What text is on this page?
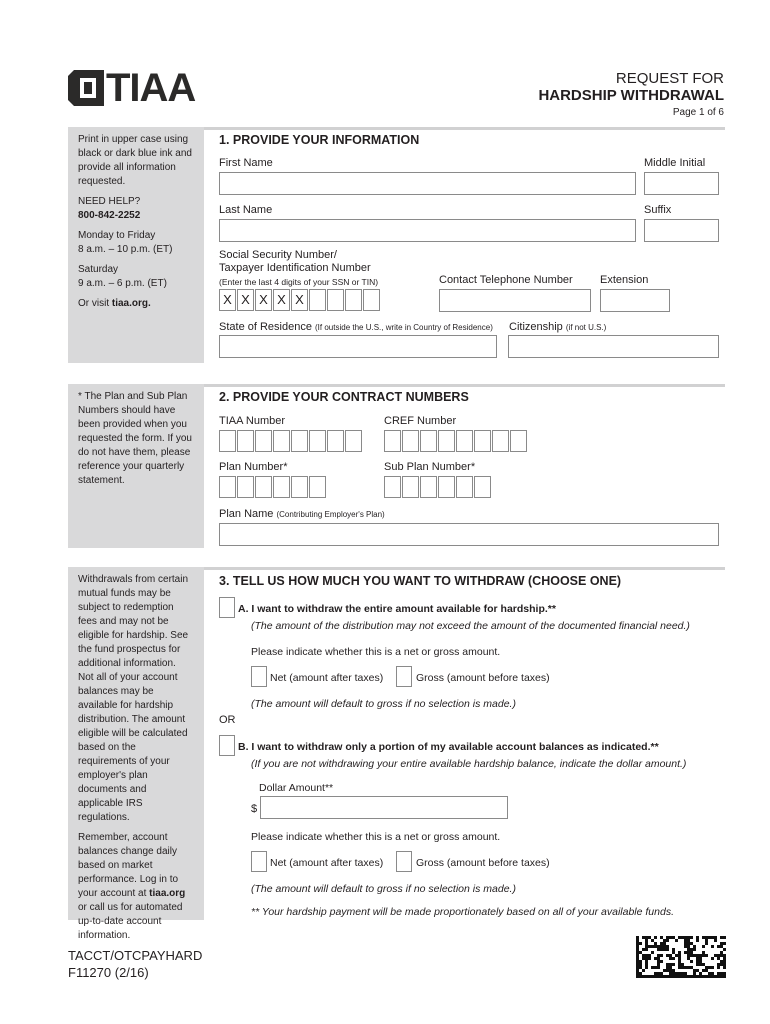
TIAA	REQUEST FOR
HARDSHIP WITHDRAWAL
Page 1 of 6

Print in upper case using black or dark blue ink and provide all information requested.

NEED HELP?

800-842-2252

Monday to Friday

8 a.m. – 10 p.m. (ET)

Saturday

9 a.m. – 6 p.m. (ET)

Or visit tiaa.org.

1. PROVIDE YOUR INFORMATION
First Name	Middle Initial
Last Name	Suffix
Social Security Number/
Taxpayer Identification Number
(Enter the last 4 digits of your SSN or TIN)
X X X X X
Contact Telephone Number Extension
State of Residence (If outside the U.S., write in Country of Residence) Citizenship (if not U.S.)

* The Plan and Sub Plan Numbers should have been provided when you requested the form. If you do not have them, please reference your quarterly statement.

2. PROVIDE YOUR CONTRACT NUMBERS
TIAA Number	CREF Number
Plan Number*	Sub Plan Number*
Plan Name (Contributing Employer's Plan)

Withdrawals from certain mutual funds may be subject to redemption fees and may not be eligible for hardship. See the fund prospectus for additional information. Not all of your account balances may be available for hardship distribution. The amount eligible will be calculated based on the requirements of your employer's plan documents and applicable IRS regulations.

Remember, account balances change daily based on market performance. Log in to your account at tiaa.org or call us for automated up-to-date account information.

3. TELL US HOW MUCH YOU WANT TO WITHDRAW (CHOOSE ONE)
A. I want to withdraw the entire amount available for hardship.**
(The amount of the distribution may not exceed the amount of the documented financial need.)
Please indicate whether this is a net or gross amount.
Net (amount after taxes)	Gross (amount before taxes)
(The amount will default to gross if no selection is made.)
OR
B. I want to withdraw only a portion of my available account balances as indicated.**
(If you are not withdrawing your entire available hardship balance, indicate the dollar amount.)
Dollar Amount**
$
Please indicate whether this is a net or gross amount.
Net (amount after taxes)	Gross (amount before taxes)
(The amount will default to gross if no selection is made.)
** Your hardship payment will be made proportionately based on all of your available funds.
TACCT/OTCPAYHARD
F11270 (2/16)
